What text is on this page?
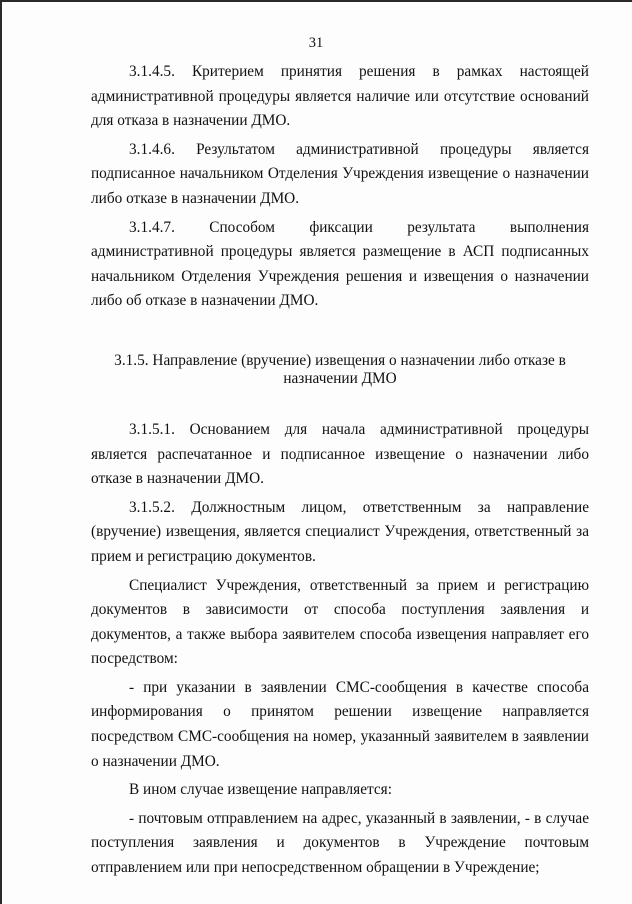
31

3.1.4.5. Критерием принятия решения в рамках настоящей административной процедуры является наличие или отсутствие оснований для отказа в назначении ДМО.

3.1.4.6. Результатом административной процедуры является подписанное начальником Отделения Учреждения извещение о назначении либо отказе в назначении ДМО.

3.1.4.7. Способом фиксации результата выполнения административной процедуры является размещение в АСП подписанных начальником Отделения Учреждения решения и извещения о назначении либо об отказе в назначении ДМО.

3.1.5. Направление (вручение) извещения о назначении либо отказе в назначении ДМО

3.1.5.1. Основанием для начала административной процедуры является распечатанное и подписанное извещение о назначении либо отказе в назначении ДМО.

3.1.5.2. Должностным лицом, ответственным за направление (вручение) извещения, является специалист Учреждения, ответственный за прием и регистрацию документов.

Специалист Учреждения, ответственный за прием и регистрацию документов в зависимости от способа поступления заявления и документов, а также выбора заявителем способа извещения направляет его посредством:

- при указании в заявлении СМС-сообщения в качестве способа информирования о принятом решении извещение направляется посредством СМС-сообщения на номер, указанный заявителем в заявлении о назначении ДМО.

В ином случае извещение направляется:

- почтовым отправлением на адрес, указанный в заявлении, - в случае поступления заявления и документов в Учреждение почтовым отправлением или при непосредственном обращении в Учреждение;
